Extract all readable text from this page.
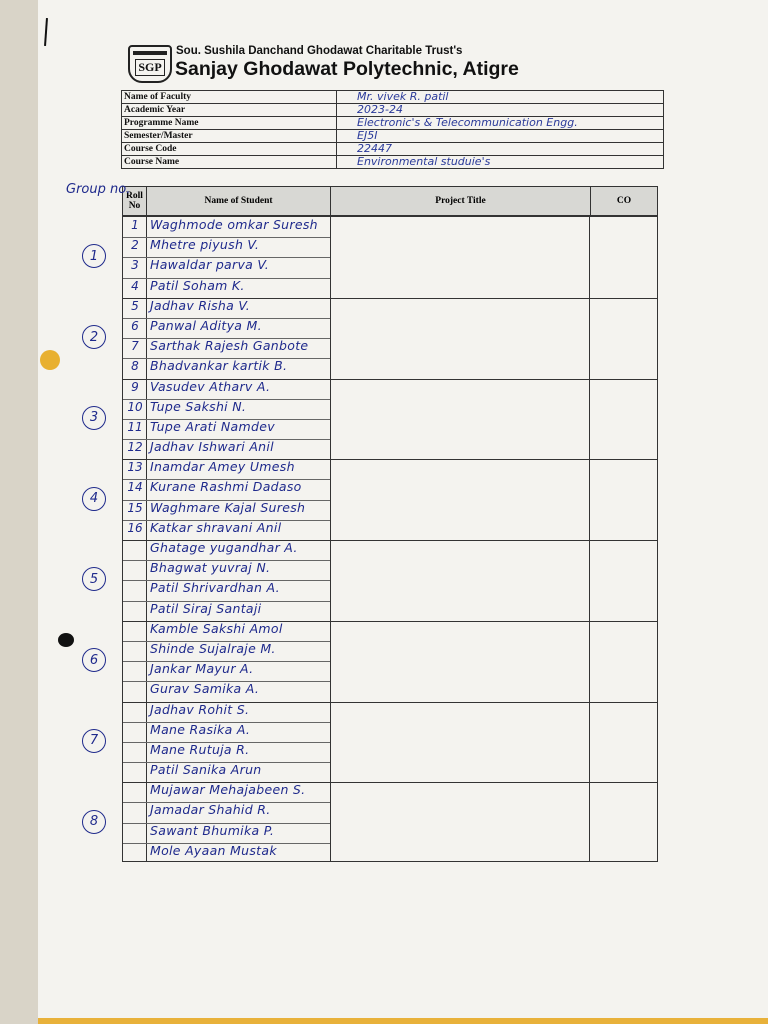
SGP
Sou. Sushila Danchand Ghodawat Charitable Trust's
Sanjay Ghodawat Polytechnic, Atigre
Name of Faculty	Mr. vivek R. patil
Academic Year	2023-24
Programme Name	Electronic's & Telecommunication Engg.
Semester/Master	EJ5I
Course Code	22447
Course Name	Environmental studuie's
Roll No	Name of Student	Project Title	CO
1 Waghmode omkar Suresh
2 Mhetre piyush V.
3 Hawaldar parva V.
4 Patil Soham K.
5 Jadhav Risha V.
6 Panwal Aditya M.
7 Sarthak Rajesh Ganbote
8 Bhadvankar kartik B.
9 Vasudev Atharv A.
10 Tupe Sakshi N.
11 Tupe Arati Namdev
12 Jadhav Ishwari Anil
13 Inamdar Amey Umesh
14 Kurane Rashmi Dadaso
15 Waghmare Kajal Suresh
16 Katkar shravani Anil
Ghatage yugandhar A.
Bhagwat yuvraj N.
Patil Shrivardhan A.
Patil Siraj Santaji
Kamble Sakshi Amol
Shinde Sujalraje M.
Jankar Mayur A.
Gurav Samika A.
Jadhav Rohit S.
Mane Rasika A.
Mane Rutuja R.
Patil Sanika Arun
Mujawar Mehajabeen S.
Jamadar Shahid R.
Sawant Bhumika P.
Mole Ayaan Mustak
Group no.
1
2
3
4
5
6
7
8
